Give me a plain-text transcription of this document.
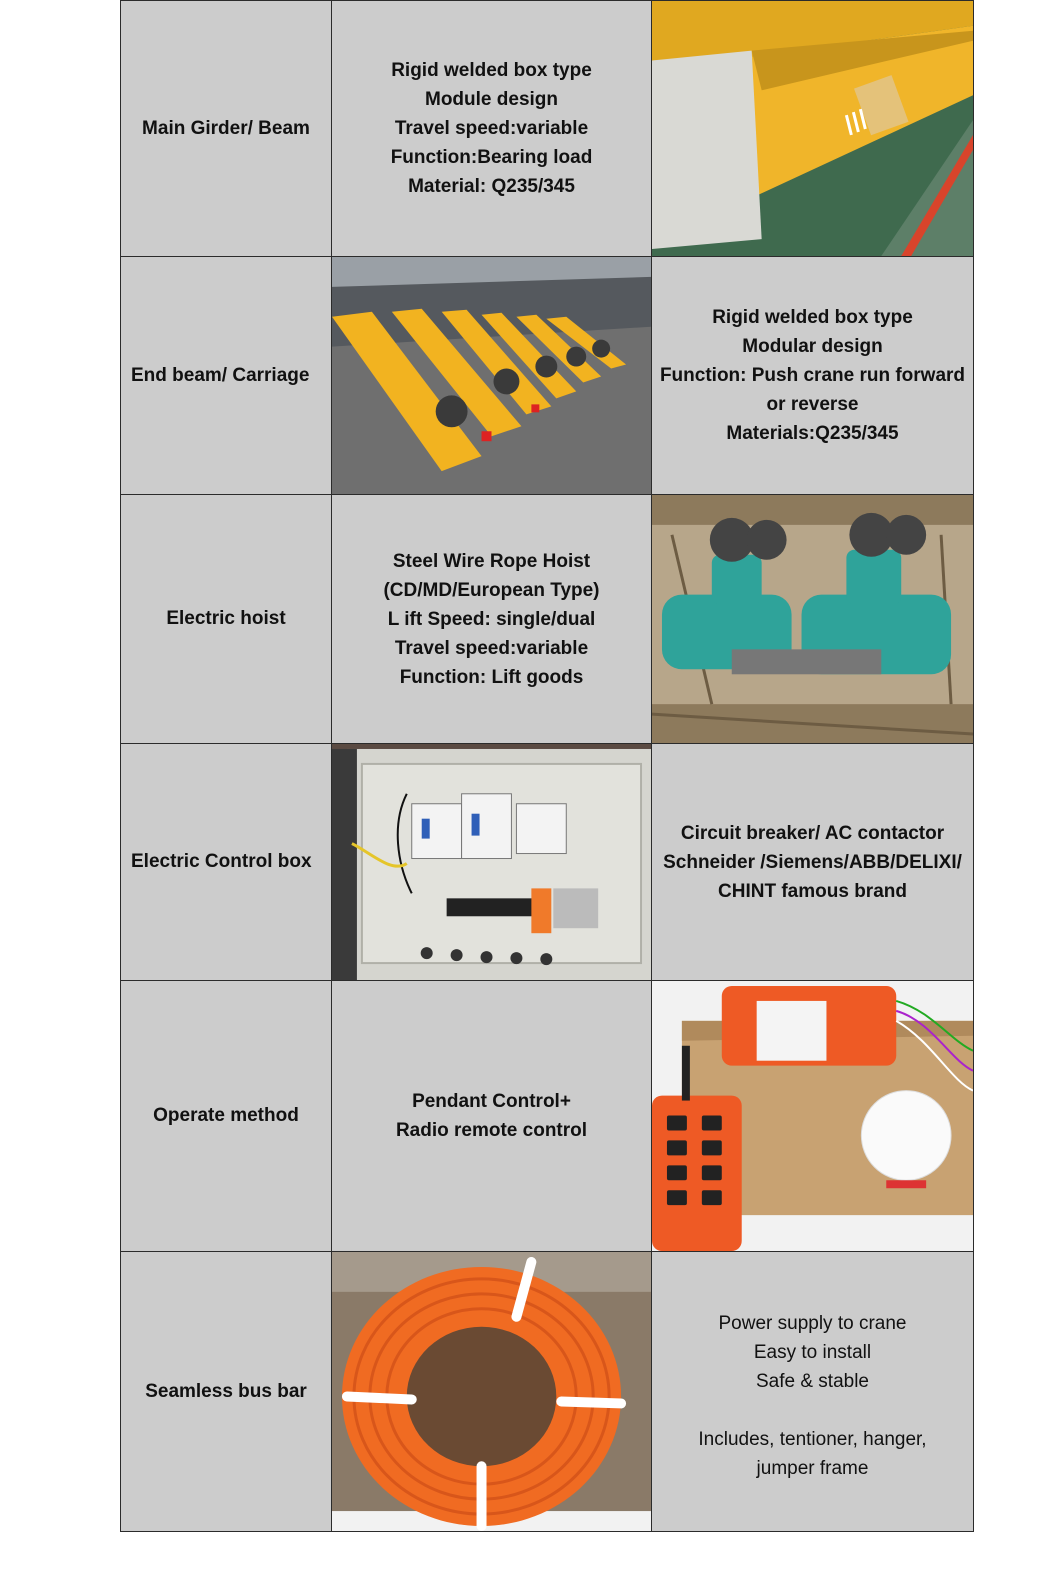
Main Girder/ Beam
Rigid welded box type
Module design
Travel speed:variable
Function:Bearing load
Material: Q235/345
End beam/ Carriage
Rigid welded box type
Modular design
Function: Push crane run forward
or reverse
Materials:Q235/345
Electric hoist
Steel Wire Rope Hoist
(CD/MD/European Type)
L ift Speed: single/dual
Travel speed:variable
Function: Lift goods
Electric Control box
Circuit breaker/ AC contactor
Schneider /Siemens/ABB/DELIXI/
CHINT famous brand
Operate method
Pendant Control+
Radio remote control
Seamless bus bar
Power supply to crane
Easy to install
Safe & stable
Includes, tentioner, hanger,
jumper frame
